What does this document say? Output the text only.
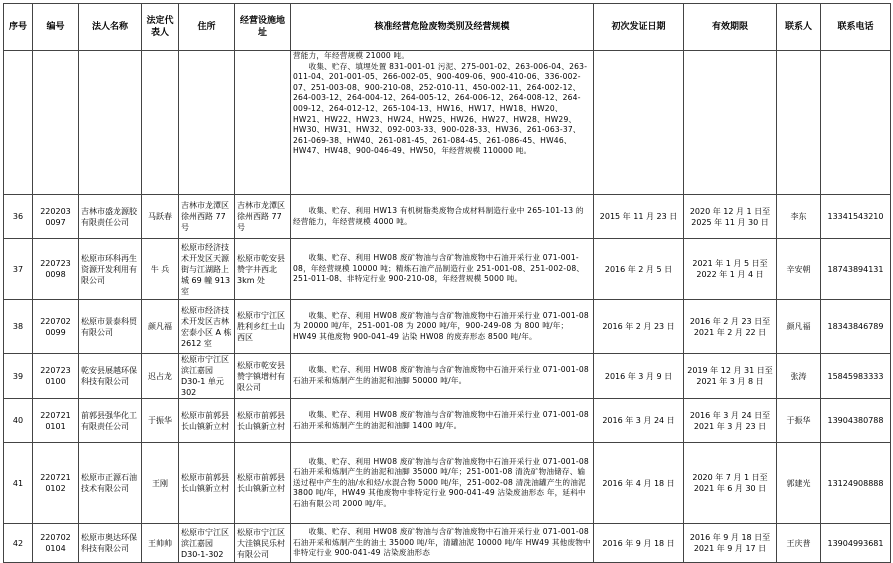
序号	编号	法人名称	法定代表人	住所	经营设施地址	核准经营危险废物类别及经营规模	初次发证日期	有效期限	联系人	联系电话
						营能力，年经营规模 21000 吨。
　　收集、贮存、填埋处置 831-001-01 污泥、275-001-02、263-006-04、263-011-04、201-001-05、266-002-05、900-409-06、900-410-06、336-002-07、251-003-08、900-210-08、252-010-11、450-002-11、264-002-12、264-003-12、264-004-12、264-005-12、264-006-12、264-008-12、264-009-12、264-012-12、265-104-13、HW16、HW17、HW18、HW20、HW21、HW22、HW23、HW24、HW25、HW26、HW27、HW28、HW29、HW30、HW31、HW32、092-003-33、900-028-33、HW36、261-063-37、261-069-38、HW40、261-081-45、261-084-45、261-086-45、HW46、HW47、HW48、900-046-49、HW50，年经营规模 110000 吨。				
36	220203 0097	吉林市盛龙源胶有限责任公司	马跃春	吉林市龙潭区徐州西路 77 号	吉林市龙潭区徐州西路 77 号	　　收集、贮存、利用 HW13 有机树脂类废物合成材料制造行业中 265-101-13 的经营能力，年经营规模 4000 吨。	2015 年 11 月 23 日	2020 年 12 月 1 日至 2025 年 11 月 30 日	李东	13341543210
37	220723 0098	松原市环科再生资源开发利用有限公司	牛 兵	松原市经济技术开发区天源街与江湖路上城 69 幢 913 室	松原市乾安县赞字井西北 3km 处	　　收集、贮存、利用 HW08 废矿物油与含矿物油废物中石油开采行业 071-001-08，年经营规模 10000 吨；精炼石油产品制造行业 251-001-08、251-002-08、251-011-08、非特定行业 900-210-08，年经营规模 5000 吨。	2016 年 2 月 5 日	2021 年 1 月 5 日至 2022 年 1 月 4 日	辛安朝	18743894131
38	220702 0099	松原市景泰科贸有限公司	颜凡福	松原市经济技术开发区吉林宏泰小区 A 栋 2612 室	松原市宁江区胜利乡红土山西区	　　收集、贮存、利用 HW08 废矿物油与含矿物油废物中石油开采行业 071-001-08 为 20000 吨/年，251-001-08 为 2000 吨/年，900-249-08 为 800 吨/年；HW49 其他废物 900-041-49 沾染 HW08 的废弃形态 8500 吨/年。	2016 年 2 月 23 日	2016 年 2 月 23 日至 2021 年 2 月 22 日	颜凡福	18343846789
39	220723 0100	乾安县展越环保科技有限公司	迟占龙	松原市宁江区滨江嘉园 D30-1 单元 302	松原市乾安县赞字镇增村有限公司	　　收集、贮存、利用 HW08 废矿物油与含矿物油废物中石油开采行业 071-001-08 石油开采和炼制产生的油泥和油脚 50000 吨/年。	2016 年 3 月 9 日	2019 年 12 月 31 日至 2021 年 3 月 8 日	张涛	15845983333
40	220721 0101	前郭县强华化工有限责任公司	于振华	松原市前郭县长山镇新立村	松原市前郭县长山镇新立村	　　收集、贮存、利用 HW08 废矿物油与含矿物油废物中石油开采行业 071-001-08 石油开采和炼制产生的油泥和油脚 1400 吨/年。	2016 年 3 月 24 日	2016 年 3 月 24 日至 2021 年 3 月 23 日	于振华	13904380788
41	220721 0102	松原市正源石油技术有限公司	王刚	松原市前郭县长山镇新立村	松原市前郭县长山镇新立村	　　收集、贮存、利用 HW08 废矿物油与含矿物油废物中石油开采行业 071-001-08 石油开采和炼制产生的油泥和油脚 35000 吨/年；251-001-08 清洗矿物油储存、输送过程中产生的油/水和烃/水混合物 5000 吨/年，251-002-08 清洗油罐产生的油泥 3800 吨/年，HW49 其他废物中非特定行业 900-041-49 沾染废油形态 年，延科中石油有限公司 2000 吨/年。	2016 年 4 月 18 日	2020 年 7 月 1 日至 2021 年 6 月 30 日	郭建光	13124908888
42	220702 0104	松原市奥达环保科技有限公司	王帅帅	松原市宁江区滨江嘉园 D30-1-302	松原市宁江区大洼镇民乐村有限公司	　　收集、贮存、利用 HW08 废矿物油与含矿物油废物中石油开采行业 071-001-08 石油开采和炼制产生的油土 35000 吨/年，清罐油泥 10000 吨/年 HW49 其他废物中非特定行业 900-041-49 沾染废油形态	2016 年 9 月 18 日	2016 年 9 月 18 日至 2021 年 9 月 17 日	王庆普	13904993681
